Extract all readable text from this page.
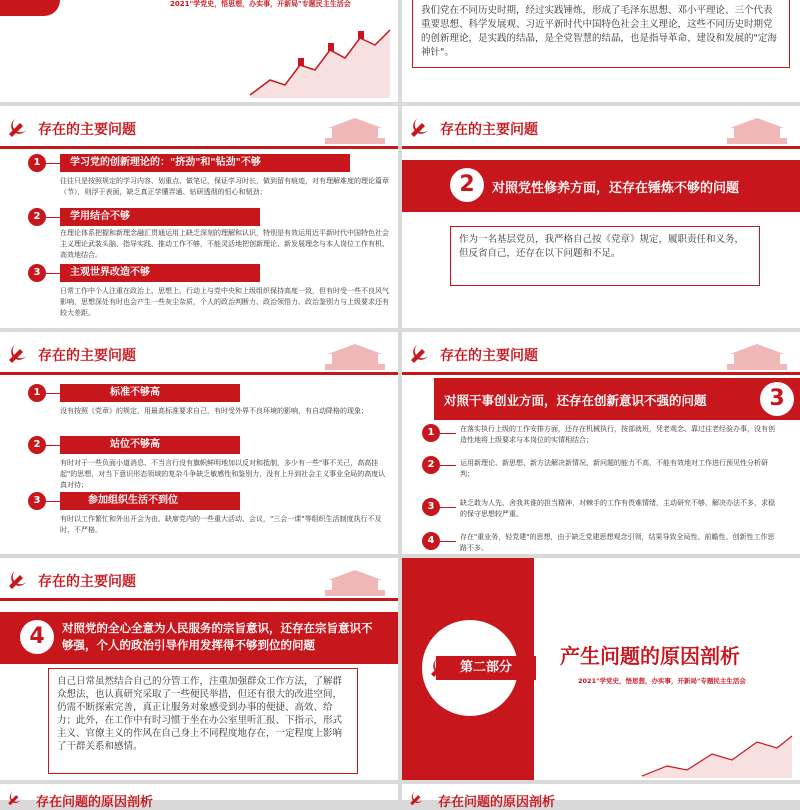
2021"学党史，悟思想，办实事，开新局"专题民主生活会
我们党在不同历史时期，经过实践锤炼，形成了毛泽东思想、邓小平理论、三个代表重要思想、科学发展观、习近平新时代中国特色社会主义理论，这些不同历史时期党的创新理论，是实践的结晶，是全党智慧的结晶，也是指导革命、建设和发展的"定海神针"。
存在的主要问题
1	学习党的创新理论的："挤劲"和"钻劲"不够
往往只是按照规定的学习内容、划重点、做笔记，保证学习时长，做到留有痕迹，对有理解难度的理论篇章（节），则浮于表面，缺乏真正学懂弄通、钻研透彻的恒心和韧劲；
2	学用结合不够
在理论体系把握和新理念融汇贯通运用上缺乏深刻的理解和认识，特别是有效运用近平新时代中国特色社会主义理论武装头脑、指导实践、推动工作不够，不能灵活地把创新理论、新发展理念与本人岗位工作有机、高效地结合。
3	主观世界改造不够
日常工作中个人注重在政治上、思想上、行动上与党中央和上级组织保持高度一致，但有时受一些不良风气影响，思想深处有时也会产生一些灰尘杂质，个人的政治判断力、政治领悟力、政治鉴别力与上级要求还有较大差距。
存在的主要问题
2	对照党性修养方面，还存在锤炼不够的问题
作为一名基层党员，我严格自己按《党章》规定，履职责任和义务，但反省自己，还存在以下问题和不足。
存在的主要问题
1	标准不够高
没有按照《党章》的规定，用最高标准要求自己，有时受外界不良环境的影响，有自动降格的现象；
2	站位不够高
有时对于一些负面小道消息、不当言行没有旗帜鲜明地加以反对和抵制，多少有一些"事不关己，高高挂起"的思想，对当下意识形态领域的复杂斗争缺乏敏感性和鉴别力，没有上升到社会主义事业全局的高度认真对待；
3	参加组织生活不到位
有时以工作繁忙和外出开会为由，缺席党内的一些重大活动、会议，"三会一课"等组织生活制度执行不及时、不严格。
存在的主要问题
对照干事创业方面，还存在创新意识不强的问题	3
1	在落实执行上级的工作安排方面，还存在机械执行，按部就班，凭老观念、靠过往老经验办事，没有创造性地将上级要求与本岗位的实情相结合；
2	运用新理论、新思想、新方法解决新情况、新问题的能力不高，不能有效地对工作进行预见性分析研判；
3	缺乏敢为人先、舍我其谁的担当精神，对棘手的工作有畏难情绪，主动研究不够，解决办法不多，求稳的保守思想较严重。
4	存在"重业务，轻党建"的思想，由于缺乏党建思想观念引领，结果导致全局性、前瞻性、创新性工作思路不多。
存在的主要问题
4	对照党的全心全意为人民服务的宗旨意识，还存在宗旨意识不够强，个人的政治引导作用发挥得不够到位的问题
自己日常虽然结合自己的分管工作，注重加强群众工作方法，了解群众想法，也认真研究采取了一些便民举措，但还有很大的改进空间，仍需不断探索完善，真正让服务对象感受到办事的便捷、高效、给力；此外，在工作中有时习惯于坐在办公室里听汇报、下指示，形式主义、官僚主义的作风在自己身上不同程度地存在，一定程度上影响了干群关系和感情。
第二部分	产生问题的原因剖析
2021"学党史，悟思想，办实事，开新局"专题民主生活会
存在问题的原因剖析	存在问题的原因剖析
